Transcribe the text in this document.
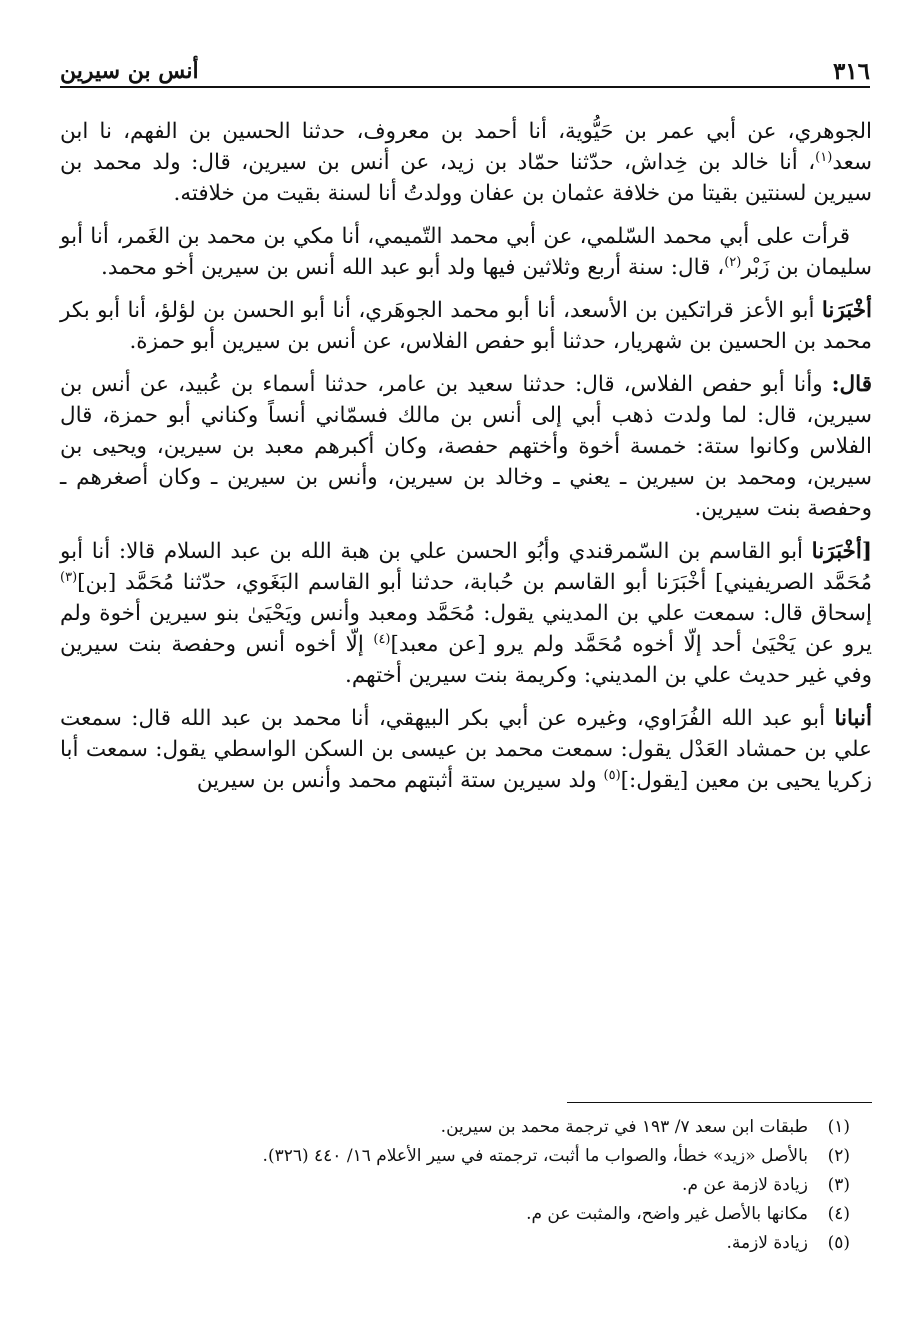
٣١٦
أنس بن سيرين

الجوهري، عن أبي عمر بن حَيُّوية، أنا أحمد بن معروف، حدثنا الحسين بن الفهم، نا ابن سعد$^{(١)}$، أنا خالد بن خِداش، حدّثنا حمّاد بن زيد، عن أنس بن سيرين، قال: ولد محمد بن سيرين لسنتين بقيتا من خلافة عثمان بن عفان وولدتُ أنا لسنة بقيت من خلافته.

قرأت على أبي محمد السّلمي، عن أبي محمد التّميمي، أنا مكي بن محمد بن الغَمر، أنا أبو سليمان بن زَبْر$^{(٢)}$، قال: سنة أربع وثلاثين فيها ولد أبو عبد الله أنس بن سيرين أخو محمد.

أخْبَرَنا أبو الأعز قراتكين بن الأسعد، أنا أبو محمد الجوهَري، أنا أبو الحسن بن لؤلؤ، أنا أبو بكر محمد بن الحسين بن شهريار، حدثنا أبو حفص الفلاس، عن أنس بن سيرين أبو حمزة.

قال: وأنا أبو حفص الفلاس، قال: حدثنا سعيد بن عامر، حدثنا أسماء بن عُبيد، عن أنس بن سيرين، قال: لما ولدت ذهب أبي إلى أنس بن مالك فسمّاني أنساً وكناني أبو حمزة، قال الفلاس وكانوا ستة: خمسة أخوة وأختهم حفصة، وكان أكبرهم معبد بن سيرين، ويحيى بن سيرين، ومحمد بن سيرين ـ يعني ـ وخالد بن سيرين، وأنس بن سيرين ـ وكان أصغرهم ـ وحفصة بنت سيرين.

[أخْبَرَنا أبو القاسم بن السّمرقندي وأبُو الحسن علي بن هبة الله بن عبد السلام قالا: أنا أبو مُحَمَّد الصريفيني] أخْبَرَنا أبو القاسم بن حُبابة، حدثنا أبو القاسم البَغَوي، حدّثنا مُحَمَّد [بن]$^{(٣)}$ إسحاق قال: سمعت علي بن المديني يقول: مُحَمَّد ومعبد وأنس ويَحْيَىٰ بنو سيرين أخوة ولم يرو عن يَحْيَىٰ أحد إلّا أخوه مُحَمَّد ولم يرو [عن معبد]$^{(٤)}$ إلّا أخوه أنس وحفصة بنت سيرين وفي غير حديث علي بن المديني: وكريمة بنت سيرين أختهم.

أنبانا أبو عبد الله الفُرَاوي، وغيره عن أبي بكر البيهقي، أنا محمد بن عبد الله قال: سمعت علي بن حمشاد العَدْل يقول: سمعت محمد بن عيسى بن السكن الواسطي يقول: سمعت أبا زكريا يحيى بن معين [يقول:]$^{(٥)}$ ولد سيرين ستة أثبتهم محمد وأنس بن سيرين

(١)
طبقات ابن سعد ٧/ ١٩٣ في ترجمة محمد بن سيرين.
(٢)
بالأصل «زيد» خطأ، والصواب ما أثبت، ترجمته في سير الأعلام ١٦/ ٤٤٠ (٣٢٦).
(٣)
زيادة لازمة عن م.
(٤)
مكانها بالأصل غير واضح، والمثبت عن م.
(٥)
زيادة لازمة.
